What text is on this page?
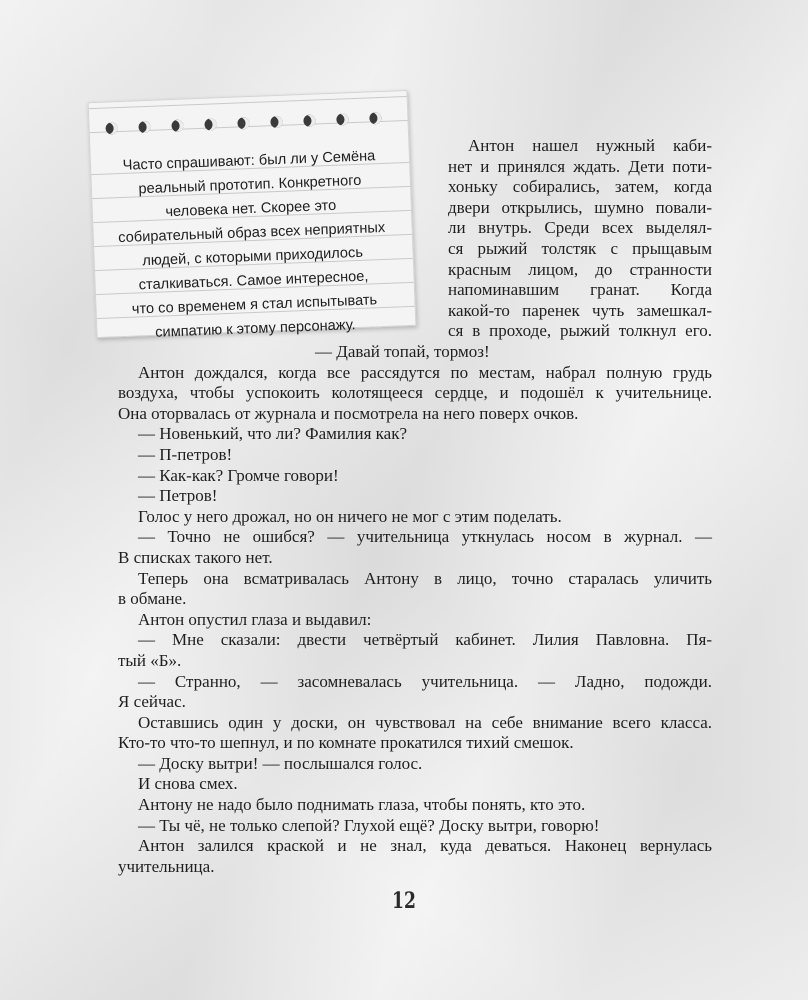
Часто спрашивают: был ли у Семёна
реальный прототип. Конкретного
человека нет. Скорее это
собирательный образ всех неприятных
людей, с которыми приходилось
сталкиваться. Самое интересное,
что со временем я стал испытывать
симпатию к этому персонажу.
Антон нашел нужный каби-
нет и принялся ждать. Дети поти-
хоньку собирались, затем, когда
двери открылись, шумно повали-
ли внутрь. Среди всех выделял-
ся рыжий толстяк с прыщавым
красным лицом, до странности
напоминавшим гранат. Когда
какой-то паренек чуть замешкал-
ся в проходе, рыжий толкнул его.
— Давай топай, тормоз!
Антон дождался, когда все рассядутся по местам, набрал полную грудь
воздуха, чтобы успокоить колотящееся сердце, и подошёл к учительнице.
Она оторвалась от журнала и посмотрела на него поверх очков.
— Новенький, что ли? Фамилия как?
— П-петров!
— Как-как? Громче говори!
— Петров!
Голос у него дрожал, но он ничего не мог с этим поделать.
— Точно не ошибся? — учительница уткнулась носом в журнал. —
В списках такого нет.
Теперь она всматривалась Антону в лицо, точно старалась уличить
в обмане.
Антон опустил глаза и выдавил:
— Мне сказали: двести четвёртый кабинет. Лилия Павловна. Пя-
тый «Б».
— Странно, — засомневалась учительница. — Ладно, подожди.
Я сейчас.
Оставшись один у доски, он чувствовал на себе внимание всего класса.
Кто-то что-то шепнул, и по комнате прокатился тихий смешок.
— Доску вытри! — послышался голос.
И снова смех.
Антону не надо было поднимать глаза, чтобы понять, кто это.
— Ты чё, не только слепой? Глухой ещё? Доску вытри, говорю!
Антон залился краской и не знал, куда деваться. Наконец вернулась
учительница.
12
